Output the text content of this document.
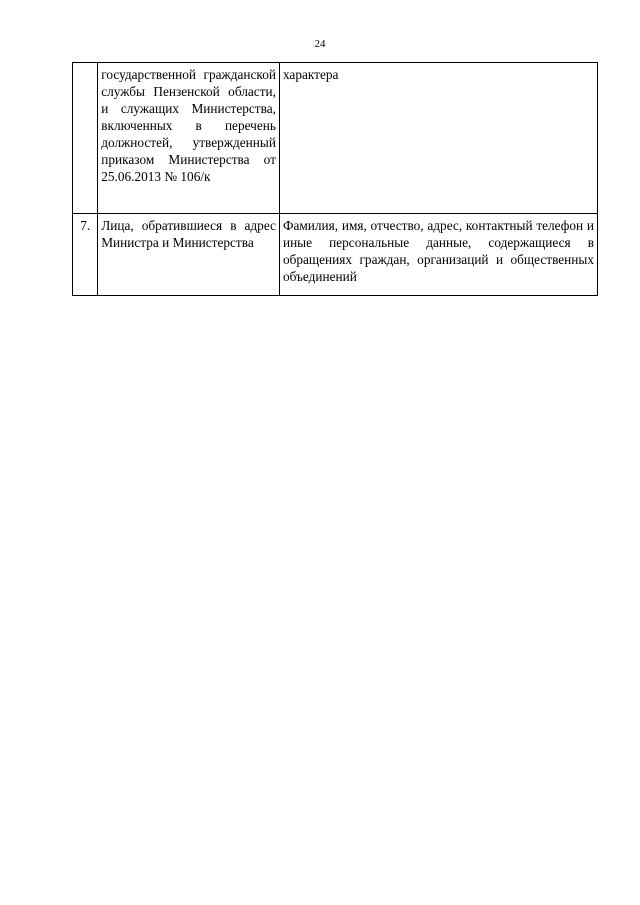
24
	государственной гражданской службы Пензенской области, и служащих Министерства, включенных в перечень должностей, утвержденный приказом Министерства от 25.06.2013 № 106/к	характера
7.	Лица, обратившиеся в адрес Министра и Министерства	Фамилия, имя, отчество, адрес, контактный телефон и иные персональные данные, содержащиеся в обращениях граждан, организаций и общественных объединений
